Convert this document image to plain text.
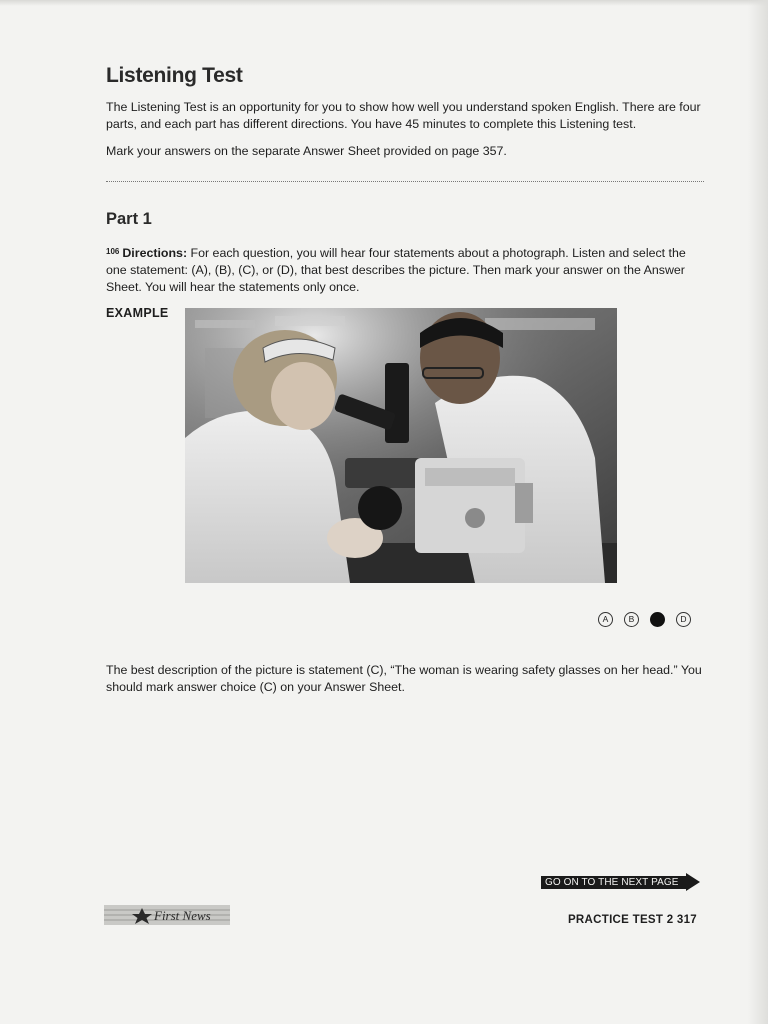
Listening Test

The Listening Test is an opportunity for you to show how well you understand spoken English. There are four parts, and each part has different directions. You have 45 minutes to complete this Listening test.

Mark your answers on the separate Answer Sheet provided on page 357.

Part 1

$^{106}$ Directions: For each question, you will hear four statements about a photograph. Listen and select the one statement: (A), (B), (C), or (D), that best describes the picture. Then mark your answer on the Answer Sheet. You will hear the statements only once.

EXAMPLE

A	B	C	D

The best description of the picture is statement (C), “The woman is wearing safety glasses on her head.” You should mark answer choice (C) on your Answer Sheet.

GO ON TO THE NEXT PAGE
First News	PRACTICE TEST 2 317
